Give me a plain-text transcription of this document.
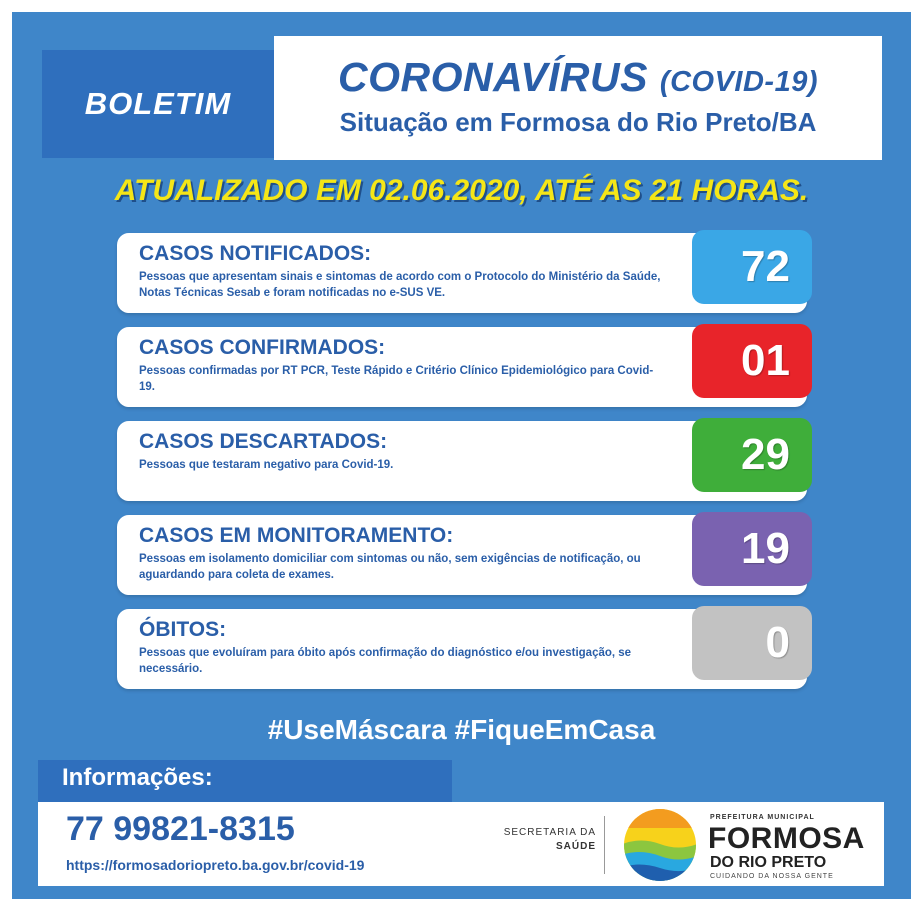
BOLETIM
CORONAVÍRUS (COVID-19)
Situação em Formosa do Rio Preto/BA
ATUALIZADO EM 02.06.2020, ATÉ AS 21 HORAS.
CASOS NOTIFICADOS:
Pessoas que apresentam sinais e sintomas de acordo com o Protocolo do Ministério da Saúde, Notas Técnicas Sesab e foram notificadas no e-SUS VE.
72
CASOS CONFIRMADOS:
Pessoas confirmadas por RT PCR, Teste Rápido e Critério Clínico Epidemiológico para Covid-19.
01
CASOS DESCARTADOS:
Pessoas que testaram negativo para Covid-19.	29
CASOS EM MONITORAMENTO:
Pessoas em isolamento domiciliar com sintomas ou não, sem exigências de notificação, ou aguardando para coleta de exames.
19
ÓBITOS:
Pessoas que evoluíram para óbito após confirmação do diagnóstico e/ou investigação, se necessário.
0
#UseMáscara #FiqueEmCasa
Informações:
77 99821-8315
https://formosadoriopreto.ba.gov.br/covid-19
SECRETARIA DA
SAÚDE
PREFEITURA MUNICIPAL
FORMOSA
DO RIO PRETO
CUIDANDO DA NOSSA GENTE
